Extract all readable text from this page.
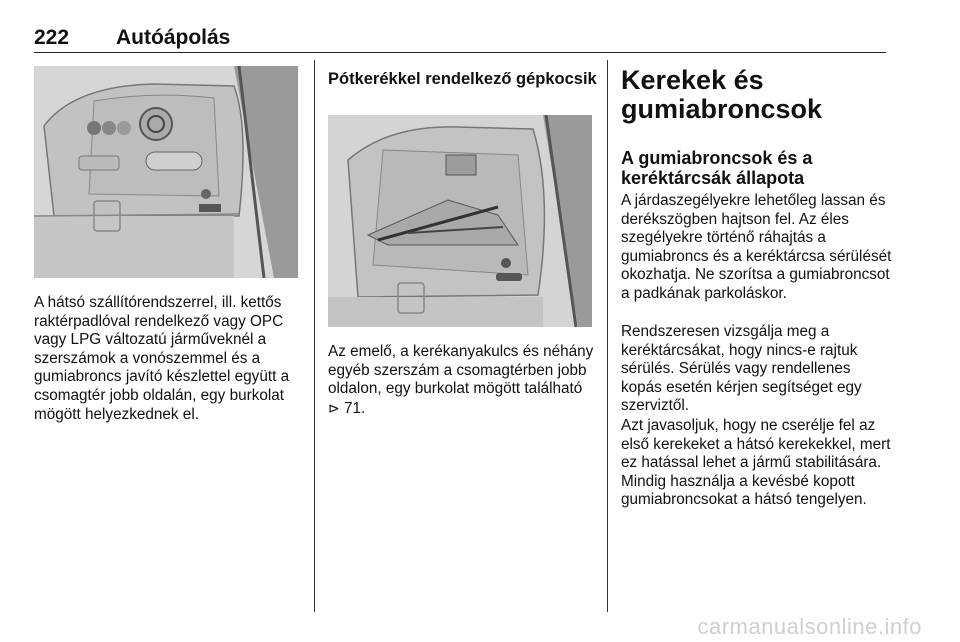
222 Autóápolás

A hátsó szállítórendszerrel, ill. kettős raktérpadlóval rendelkező vagy OPC vagy LPG változatú járműveknél a szerszámok a vonószemmel és a gumiabroncs javító készlettel együtt a csomagtér jobb oldalán, egy burkolat mögött helyezkednek el.

Pótkerékkel rendelkező gépkocsik

Az emelő, a kerékanyakulcs és néhány egyéb szerszám a csomagtérben jobb oldalon, egy burkolat mögött található ⊳ 71.

Kerekek és gumiabroncsok
A gumiabroncsok és a keréktárcsák állapota

A járdaszegélyekre lehetőleg lassan és derékszögben hajtson fel. Az éles szegélyekre történő ráhajtás a gumiabroncs és a keréktárcsa sérülését okozhatja. Ne szorítsa a gumiabroncsot a padkának parkoláskor.

Rendszeresen vizsgálja meg a keréktárcsákat, hogy nincs-e rajtuk sérülés. Sérülés vagy rendellenes kopás esetén kérjen segítséget egy szerviztől.

Azt javasoljuk, hogy ne cserélje fel az első kerekeket a hátsó kerekekkel, mert ez hatással lehet a jármű stabilitására. Mindig használja a kevésbé kopott gumiabroncsokat a hátsó tengelyen.

carmanualsonline.info
